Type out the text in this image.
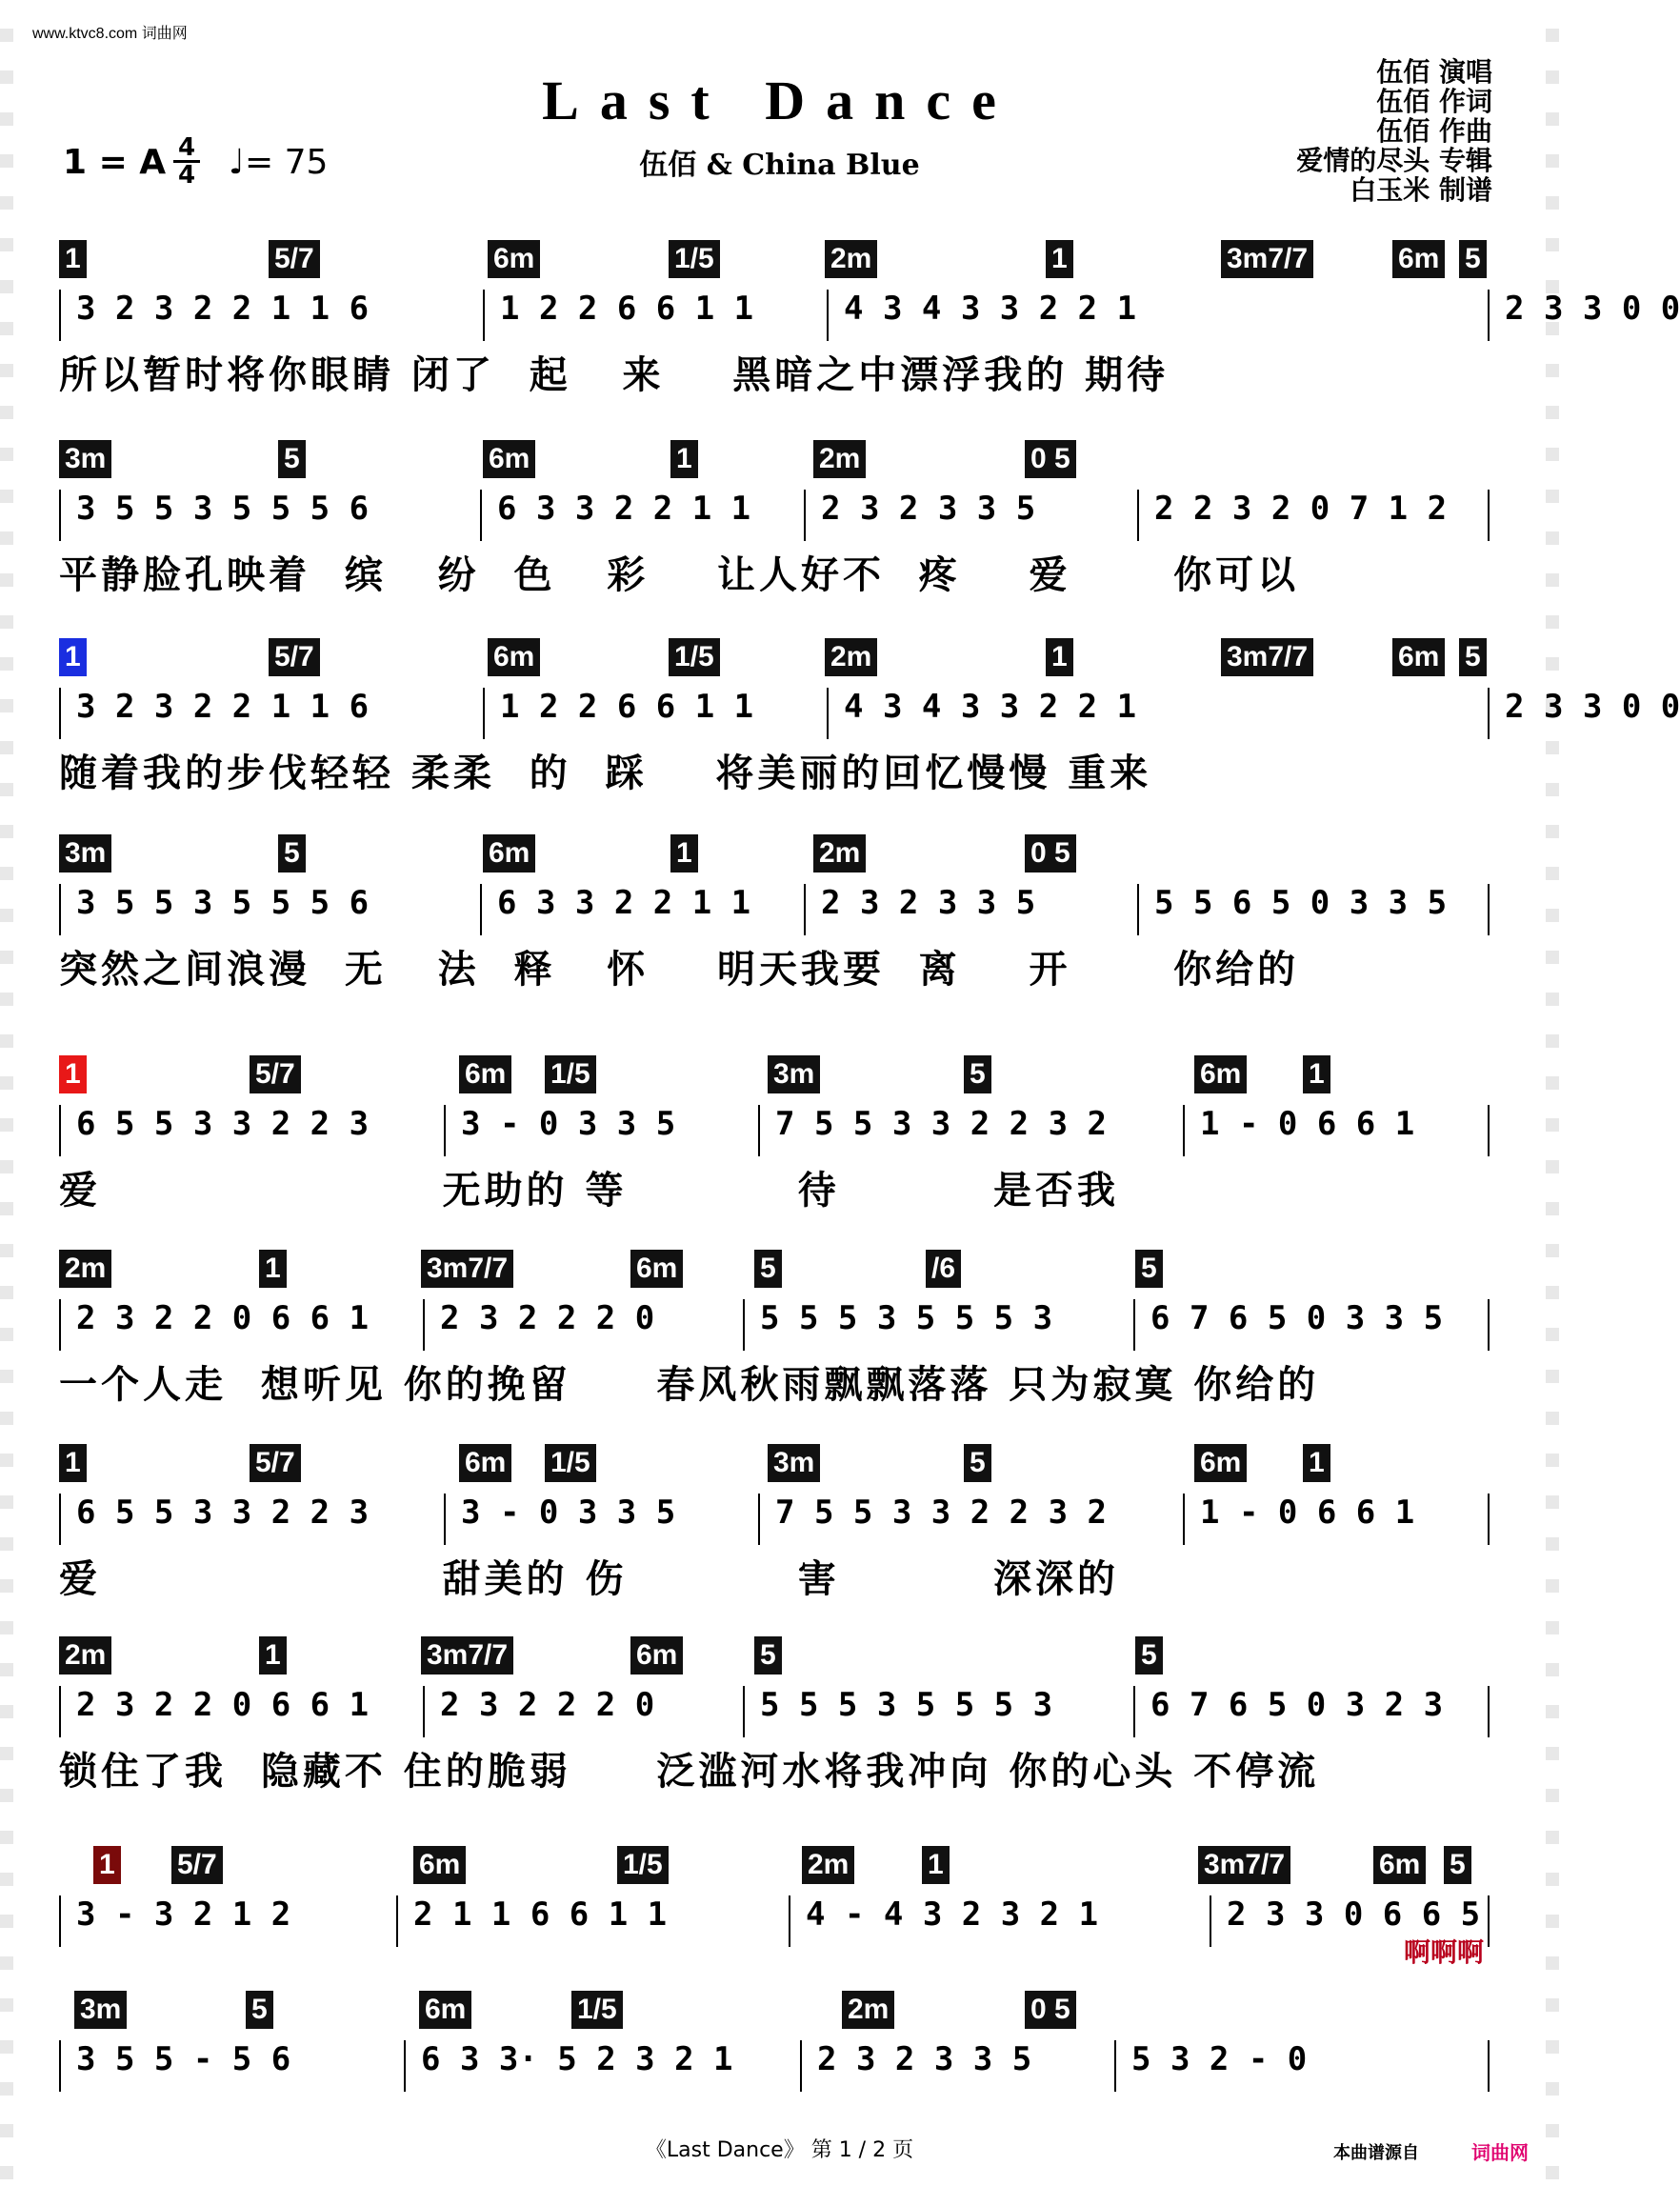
www.ktvc8.com 词曲网
Last Dance
伍佰 & China Blue
1 = A 4
4 ♩= 75
伍佰 演唱
伍佰 作词
伍佰 作曲
爱情的尽头 专辑
白玉米 制谱
1	5/7	6m	1/5	2m	1	3m7/7	6m 5
3 2 3 2 2 1 1 6	1 2 2 6 6 1 1	4 3 4 3 3 2 2 1	2 3 3 0 0
所以暂时将你眼睛 闭了  起   来    黑暗之中漂浮我的 期待
3m	5	6m	1	2m	0 5
3 5 5 3 5 5 5 6	6 3 3 2 2 1 1 2 3 2 3 3 5	2 2 3 2 0 7 1 2
平静脸孔映着  缤   纷  色   彩    让人好不  疼    爱      你可以
1	5/7	6m	1/5	2m	1	3m7/7	6m 5
3 2 3 2 2 1 1 6	1 2 2 6 6 1 1	4 3 4 3 3 2 2 1	2 3 3 0 0
随着我的步伐轻轻 柔柔  的  踩    将美丽的回忆慢慢 重来
3m	5	6m	1	2m	0 5
3 5 5 3 5 5 5 6	6 3 3 2 2 1 1 2 3 2 3 3 5	5 5 6 5 0 3 3 5
突然之间浪漫  无   法  释   怀    明天我要  离    开      你给的
1	5/7	6m 1/5	3m	5	6m 1
6 5 5 3 3 2 2 3	3 - 0 3 3 5	7 5 5 3 3 2 2 3 2	1 - 0 6 6 1
爱                    无助的 等          待         是否我
2m	1	3m7/7	6m	5	/6	5
2 3 2 2 0 6 6 1 2 3 2 2 2 0	5 5 5 3 5 5 5 3	6 7 6 5 0 3 3 5
一个人走  想听见 你的挽留     春风秋雨飘飘落落 只为寂寞 你给的
1	5/7	6m 1/5	3m	5	6m 1
6 5 5 3 3 2 2 3	3 - 0 3 3 5	7 5 5 3 3 2 2 3 2	1 - 0 6 6 1
爱                    甜美的 伤          害         深深的
2m	1	3m7/7	6m	5	5
2 3 2 2 0 6 6 1 2 3 2 2 2 0	5 5 5 3 5 5 5 3	6 7 6 5 0 3 2 3
锁住了我  隐藏不 住的脆弱     泛滥河水将我冲向 你的心头 不停流
1 5/7	6m	1/5	2m	1	3m7/7	6m 5
3 - 3 2 1 2	2 1 1 6 6 1 1	4 - 4 3 2 3 2 1	2 3 3 0 6 6 5
啊啊啊
3m	5	6m	1/5	2m	0 5
3 5 5 - 5 6	6 3 3· 5 2 3 2 1	2 3 2 3 3 5	5 3 2 - 0
《Last Dance》 第 1 / 2 页	本曲谱源自	词曲网
